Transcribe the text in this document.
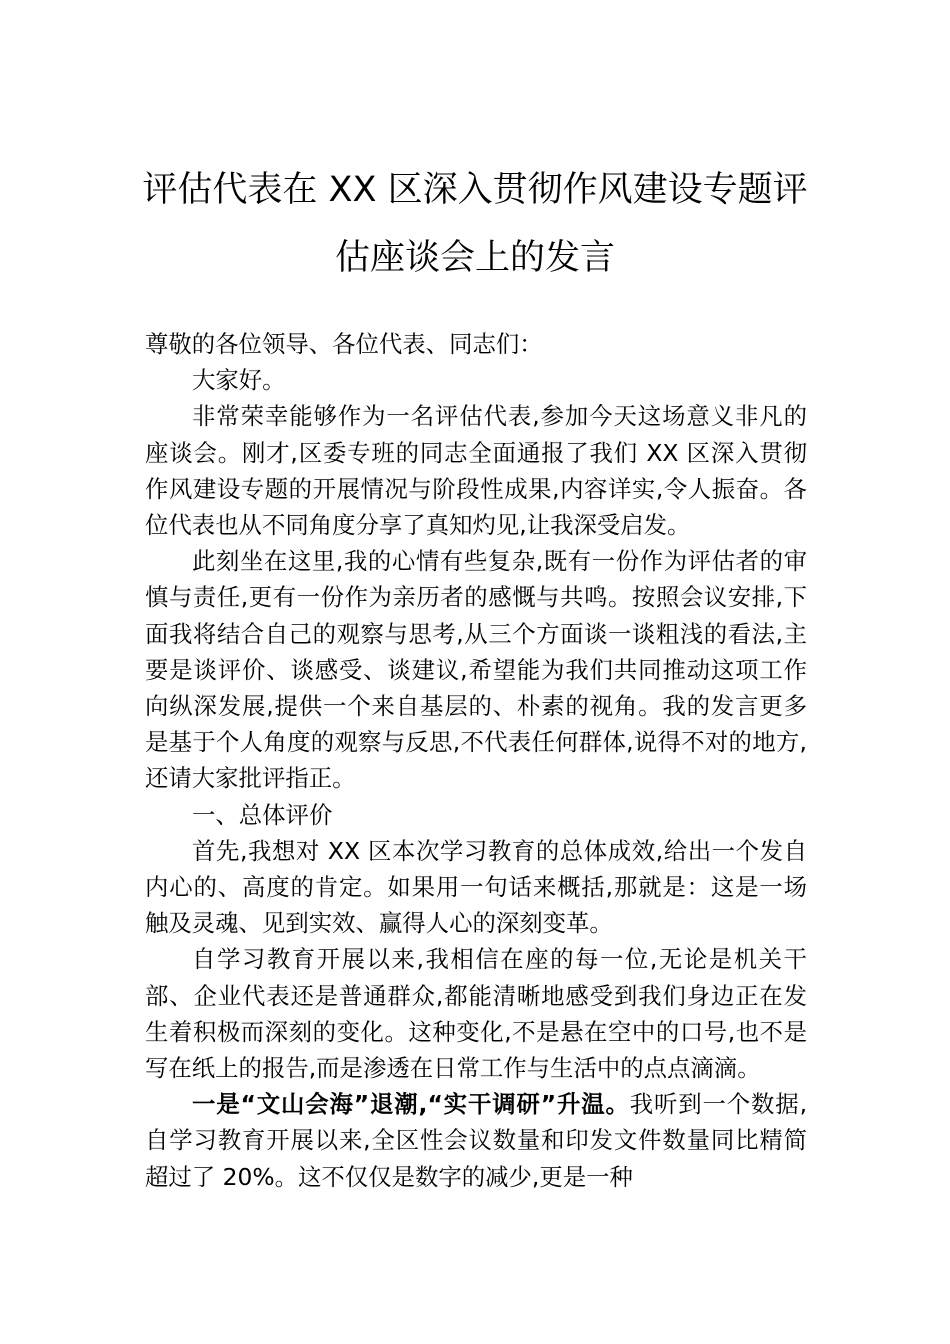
评估代表在 XX 区深入贯彻作风建设专题评
估座谈会上的发言

尊敬的各位领导、各位代表、同志们：

大家好。

非常荣幸能够作为一名评估代表,参加今天这场意义非凡的座谈会。刚才,区委专班的同志全面通报了我们 XX 区深入贯彻作风建设专题的开展情况与阶段性成果,内容详实,令人振奋。各位代表也从不同角度分享了真知灼见,让我深受启发。

此刻坐在这里,我的心情有些复杂,既有一份作为评估者的审慎与责任,更有一份作为亲历者的感慨与共鸣。按照会议安排,下面我将结合自己的观察与思考,从三个方面谈一谈粗浅的看法,主要是谈评价、谈感受、谈建议,希望能为我们共同推动这项工作向纵深发展,提供一个来自基层的、朴素的视角。我的发言更多是基于个人角度的观察与反思,不代表任何群体,说得不对的地方,还请大家批评指正。

一、总体评价

首先,我想对 XX 区本次学习教育的总体成效,给出一个发自内心的、高度的肯定。如果用一句话来概括,那就是：这是一场触及灵魂、见到实效、赢得人心的深刻变革。

自学习教育开展以来,我相信在座的每一位,无论是机关干部、企业代表还是普通群众,都能清晰地感受到我们身边正在发生着积极而深刻的变化。这种变化,不是悬在空中的口号,也不是写在纸上的报告,而是渗透在日常工作与生活中的点点滴滴。

一是“文山会海”退潮,“实干调研”升温。我听到一个数据,自学习教育开展以来,全区性会议数量和印发文件数量同比精简超过了 20%。这不仅仅是数字的减少,更是一种
